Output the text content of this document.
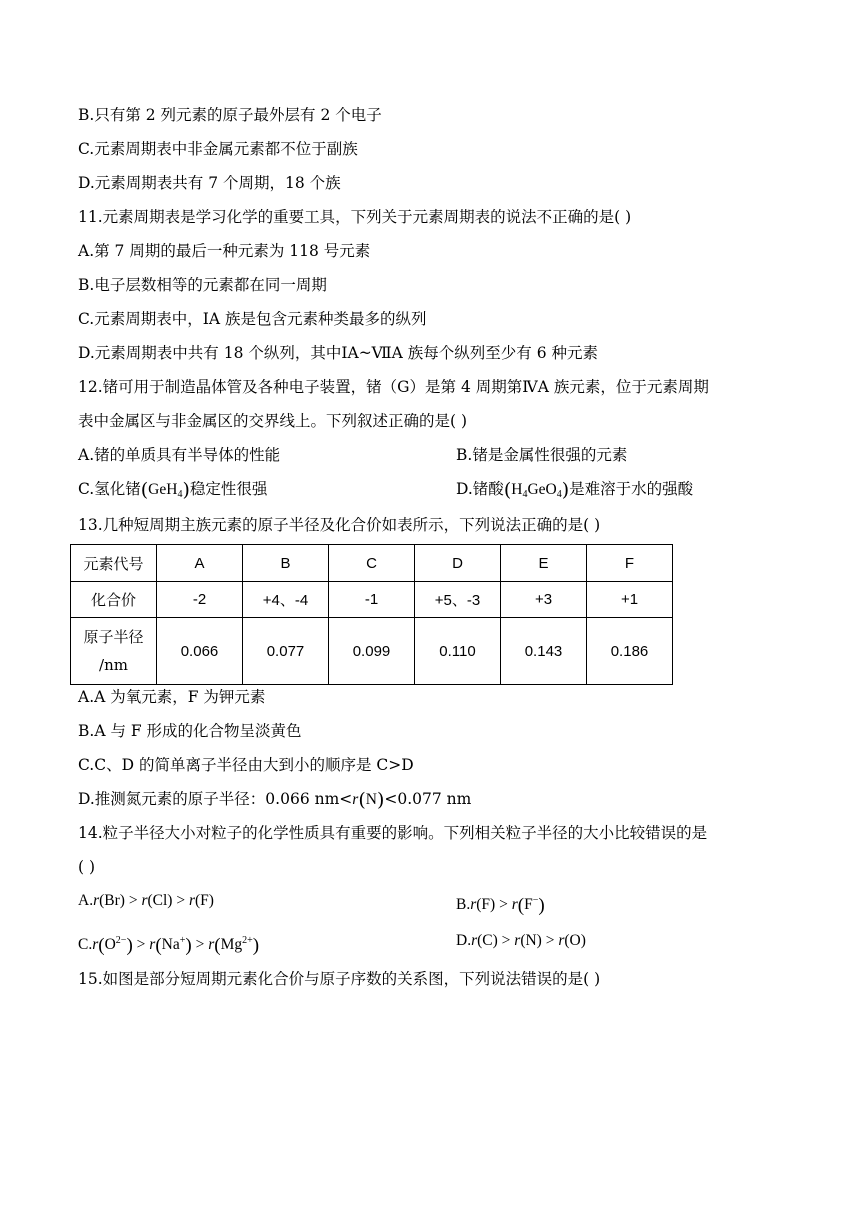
B.只有第 2 列元素的原子最外层有 2 个电子
C.元素周期表中非金属元素都不位于副族
D.元素周期表共有 7 个周期，18 个族
11.元素周期表是学习化学的重要工具，下列关于元素周期表的说法不正确的是( )
A.第 7 周期的最后一种元素为 118 号元素
B.电子层数相等的元素都在同一周期
C.元素周期表中，ⅠA 族是包含元素种类最多的纵列
D.元素周期表中共有 18 个纵列，其中ⅠA~ⅦA 族每个纵列至少有 6 种元素
12.锗可用于制造晶体管及各种电子装置，锗（G）是第 4 周期第ⅣA 族元素，位于元素周期
表中金属区与非金属区的交界线上。下列叙述正确的是( )
A.锗的单质具有半导体的性能	B.锗是金属性很强的元素
C.氢化锗(GeH$_4$)稳定性很强	D.锗酸$(H_4GeO_4)$是难溶于水的强酸
13.几种短周期主族元素的原子半径及化合价如表所示，下列说法正确的是( )
元素代号	A	B	C	D	E	F
化合价	-2	+4、-4	-1	+5、-3	+3	+1

原子半径
/nm	0.066	0.077	0.099	0.110	0.143	0.186
A.A 为氧元素，F 为钾元素
B.A 与 F 形成的化合物呈淡黄色
C.C、D 的简单离子半径由大到小的顺序是 C>D
D.推测氮元素的原子半径：0.066 nm<r(N)<0.077 nm
14.粒子半径大小对粒子的化学性质具有重要的影响。下列相关粒子半径的大小比较错误的是
( )
A.r(Br) > r(Cl) > r(F)	B.r(F) > r(F−)
$C.r(O^{2-}) > r(Na^+) > r(Mg^{2+})$	D.r(C) > r(N) > r(O)
15.如图是部分短周期元素化合价与原子序数的关系图，下列说法错误的是( )
